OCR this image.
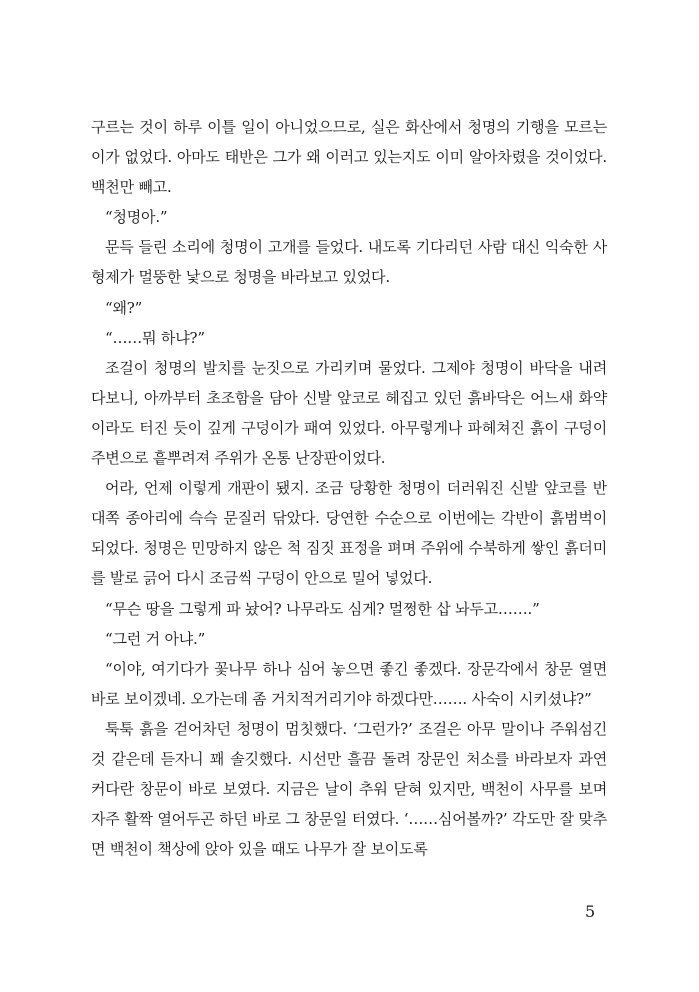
구르는 것이 하루 이틀 일이 아니었으므로, 실은 화산에서 청명의 기행을 모르는 이가 없었다. 아마도 태반은 그가 왜 이러고 있는지도 이미 알아차렸을 것이었다. 백천만 빼고.

“청명아.”

문득 들린 소리에 청명이 고개를 들었다. 내도록 기다리던 사람 대신 익숙한 사형제가 멀뚱한 낯으로 청명을 바라보고 있었다.

“왜?”

“……뭐 하냐?”

조걸이 청명의 발치를 눈짓으로 가리키며 물었다. 그제야 청명이 바닥을 내려다보니, 아까부터 초조함을 담아 신발 앞코로 헤집고 있던 흙바닥은 어느새 화약이라도 터진 듯이 깊게 구덩이가 패여 있었다. 아무렇게나 파헤쳐진 흙이 구덩이 주변으로 흩뿌려져 주위가 온통 난장판이었다.

어라, 언제 이렇게 개판이 됐지. 조금 당황한 청명이 더러워진 신발 앞코를 반대쪽 종아리에 슥슥 문질러 닦았다. 당연한 수순으로 이번에는 각반이 흙범벅이 되었다. 청명은 민망하지 않은 척 짐짓 표정을 펴며 주위에 수북하게 쌓인 흙더미를 발로 긁어 다시 조금씩 구덩이 안으로 밀어 넣었다.

“무슨 땅을 그렇게 파 놨어? 나무라도 심게? 멀쩡한 삽 놔두고…….”

“그런 거 아냐.”

“이야, 여기다가 꽃나무 하나 심어 놓으면 좋긴 좋겠다. 장문각에서 창문 열면 바로 보이겠네. 오가는데 좀 거치적거리기야 하겠다만……. 사숙이 시키셨냐?”

툭툭 흙을 걷어차던 청명이 멈칫했다. ‘그런가?’ 조걸은 아무 말이나 주워섬긴 것 같은데 듣자니 꽤 솔깃했다. 시선만 흘끔 돌려 장문인 처소를 바라보자 과연 커다란 창문이 바로 보였다. 지금은 날이 추워 닫혀 있지만, 백천이 사무를 보며 자주 활짝 열어두곤 하던 바로 그 창문일 터였다. ‘……심어볼까?’ 각도만 잘 맞추면 백천이 책상에 앉아 있을 때도 나무가 잘 보이도록

5
